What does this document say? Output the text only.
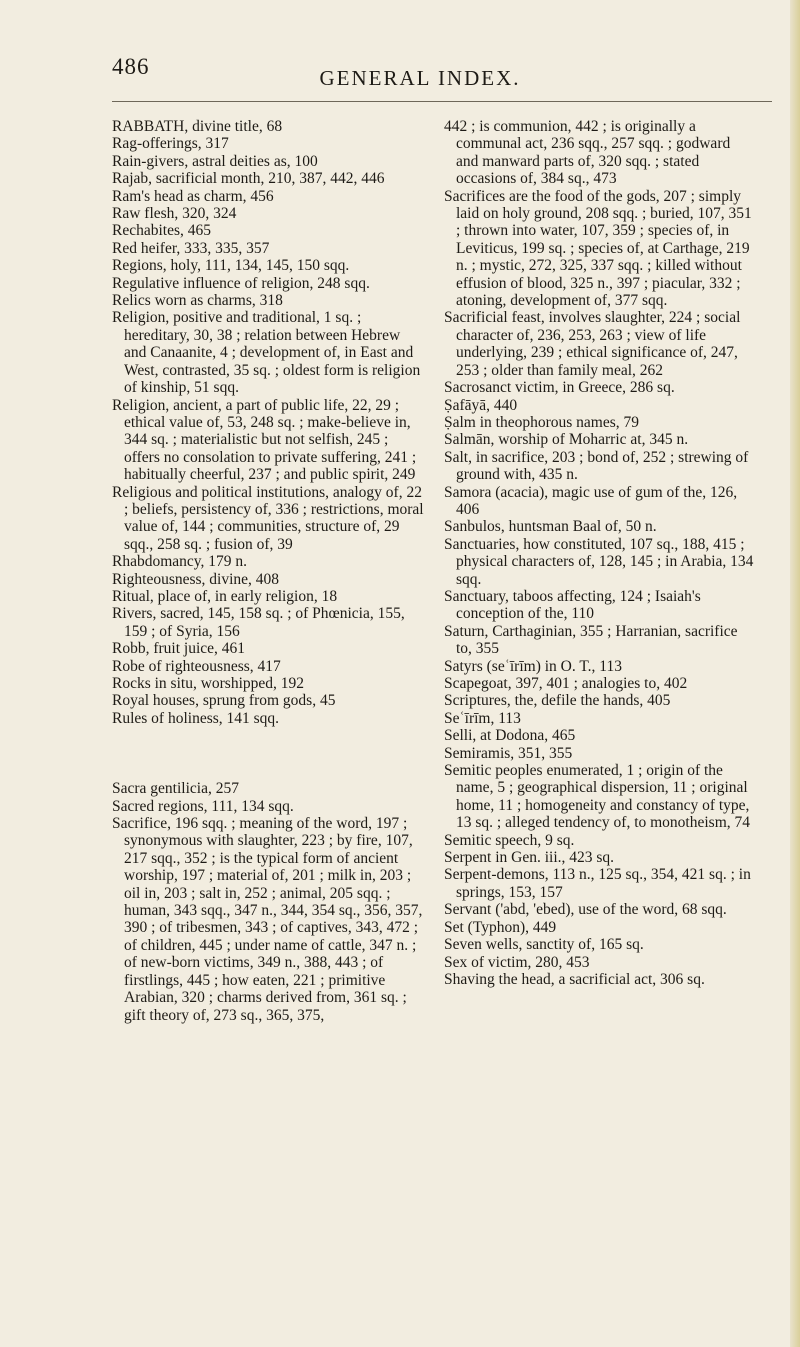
486	GENERAL INDEX.

RABBATH, divine title, 68

Rag-offerings, 317

Rain-givers, astral deities as, 100

Rajab, sacrificial month, 210, 387, 442, 446

Ram's head as charm, 456

Raw flesh, 320, 324

Rechabites, 465

Red heifer, 333, 335, 357

Regions, holy, 111, 134, 145, 150 sqq.

Regulative influence of religion, 248 sqq.

Relics worn as charms, 318

Religion, positive and traditional, 1 sq. ; hereditary, 30, 38 ; relation between Hebrew and Canaanite, 4 ; development of, in East and West, contrasted, 35 sq. ; oldest form is religion of kinship, 51 sqq.

Religion, ancient, a part of public life, 22, 29 ; ethical value of, 53, 248 sq. ; make-believe in, 344 sq. ; materialistic but not selfish, 245 ; offers no consolation to private suffering, 241 ; habitually cheerful, 237 ; and public spirit, 249

Religious and political institutions, analogy of, 22 ; beliefs, persistency of, 336 ; restrictions, moral value of, 144 ; communities, structure of, 29 sqq., 258 sq. ; fusion of, 39

Rhabdomancy, 179 n.

Righteousness, divine, 408

Ritual, place of, in early religion, 18

Rivers, sacred, 145, 158 sq. ; of Phœnicia, 155, 159 ; of Syria, 156

Robb, fruit juice, 461

Robe of righteousness, 417

Rocks in situ, worshipped, 192

Royal houses, sprung from gods, 45

Rules of holiness, 141 sqq.

Sacra gentilicia, 257

Sacred regions, 111, 134 sqq.

Sacrifice, 196 sqq. ; meaning of the word, 197 ; synonymous with slaughter, 223 ; by fire, 107, 217 sqq., 352 ; is the typical form of ancient worship, 197 ; material of, 201 ; milk in, 203 ; oil in, 203 ; salt in, 252 ; animal, 205 sqq. ; human, 343 sqq., 347 n., 344, 354 sq., 356, 357, 390 ; of tribesmen, 343 ; of captives, 343, 472 ; of children, 445 ; under name of cattle, 347 n. ; of new-born victims, 349 n., 388, 443 ; of firstlings, 445 ; how eaten, 221 ; primitive Arabian, 320 ; charms derived from, 361 sq. ; gift theory of, 273 sq., 365, 375,

442 ; is communion, 442 ; is originally a communal act, 236 sqq., 257 sqq. ; godward and manward parts of, 320 sqq. ; stated occasions of, 384 sq., 473

Sacrifices are the food of the gods, 207 ; simply laid on holy ground, 208 sqq. ; buried, 107, 351 ; thrown into water, 107, 359 ; species of, in Leviticus, 199 sq. ; species of, at Carthage, 219 n. ; mystic, 272, 325, 337 sqq. ; killed without effusion of blood, 325 n., 397 ; piacular, 332 ; atoning, development of, 377 sqq.

Sacrificial feast, involves slaughter, 224 ; social character of, 236, 253, 263 ; view of life underlying, 239 ; ethical significance of, 247, 253 ; older than family meal, 262

Sacrosanct victim, in Greece, 286 sq.

Ṣafāyā, 440

Ṣalm in theophorous names, 79

Salmān, worship of Moharric at, 345 n.

Salt, in sacrifice, 203 ; bond of, 252 ; strewing of ground with, 435 n.

Samora (acacia), magic use of gum of the, 126, 406

Sanbulos, huntsman Baal of, 50 n.

Sanctuaries, how constituted, 107 sq., 188, 415 ; physical characters of, 128, 145 ; in Arabia, 134 sqq.

Sanctuary, taboos affecting, 124 ; Isaiah's conception of the, 110

Saturn, Carthaginian, 355 ; Harranian, sacrifice to, 355

Satyrs (seʿīrīm) in O. T., 113

Scapegoat, 397, 401 ; analogies to, 402

Scriptures, the, defile the hands, 405

Seʿīrīm, 113

Selli, at Dodona, 465

Semiramis, 351, 355

Semitic peoples enumerated, 1 ; origin of the name, 5 ; geographical dispersion, 11 ; original home, 11 ; homogeneity and constancy of type, 13 sq. ; alleged tendency of, to monotheism, 74

Semitic speech, 9 sq.

Serpent in Gen. iii., 423 sq.

Serpent-demons, 113 n., 125 sq., 354, 421 sq. ; in springs, 153, 157

Servant ('abd, 'ebed), use of the word, 68 sqq.

Set (Typhon), 449

Seven wells, sanctity of, 165 sq.

Sex of victim, 280, 453

Shaving the head, a sacrificial act, 306 sq.
